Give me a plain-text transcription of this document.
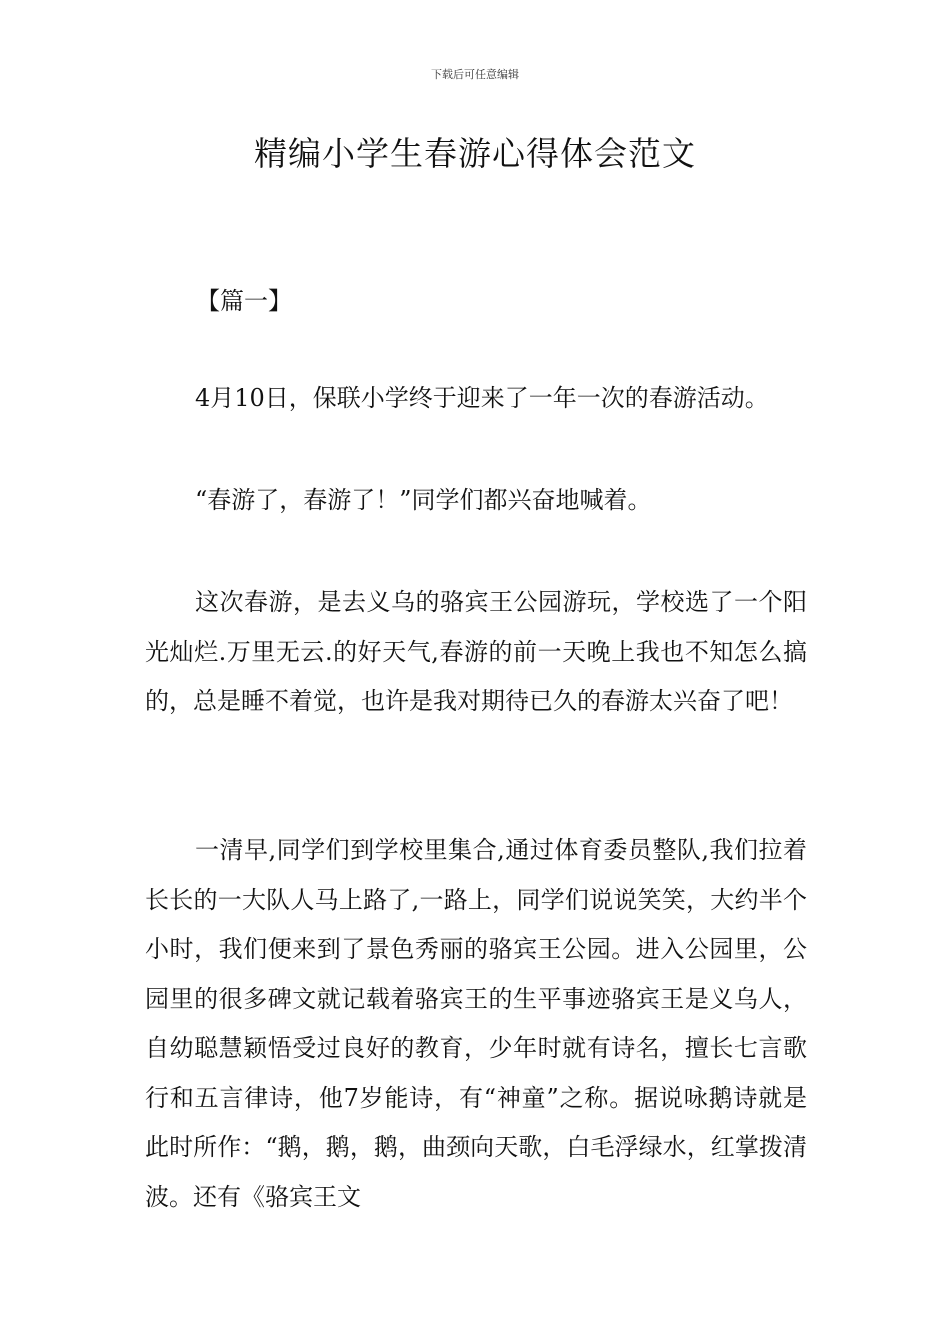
下载后可任意编辑
精编小学生春游心得体会范文

【篇一】

4月10日，保联小学终于迎来了一年一次的春游活动。

“春游了，春游了！”同学们都兴奋地喊着。

这次春游，是去义乌的骆宾王公园游玩，学校选了一个阳光灿烂.万里无云.的好天气,春游的前一天晚上我也不知怎么搞的，总是睡不着觉，也许是我对期待已久的春游太兴奋了吧！

一清早,同学们到学校里集合,通过体育委员整队,我们拉着长长的一大队人马上路了,一路上，同学们说说笑笑，大约半个小时，我们便来到了景色秀丽的骆宾王公园。进入公园里，公园里的很多碑文就记载着骆宾王的生平事迹骆宾王是义乌人，自幼聪慧颖悟受过良好的教育，少年时就有诗名，擅长七言歌行和五言律诗，他7岁能诗，有“神童”之称。据说咏鹅诗就是此时所作：“鹅，鹅，鹅，曲颈向天歌，白毛浮绿水，红掌拨清波。还有《骆宾王文
